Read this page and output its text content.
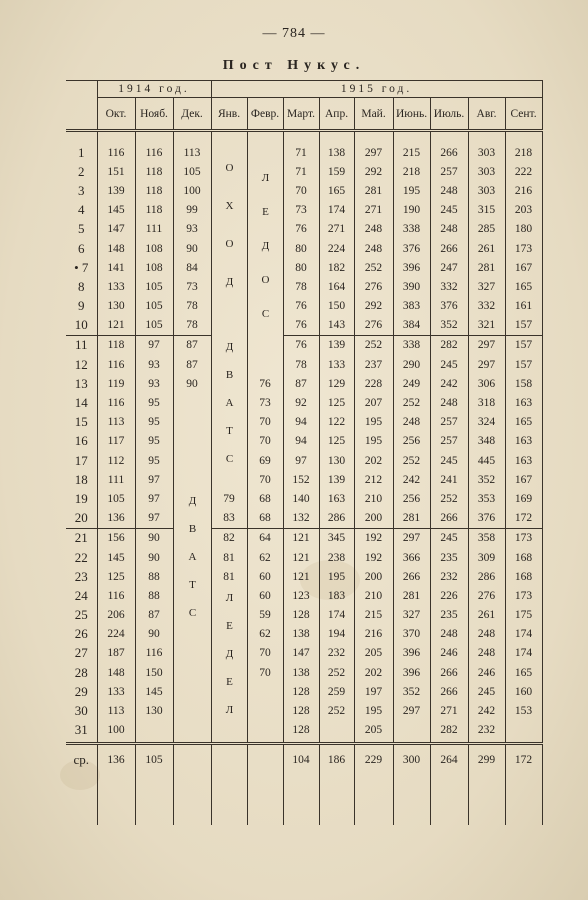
— 784 —
Пост Нукус.
	1914 год.			1915 год.								
	Окт.	Нояб.	Дек.	Янв.	Февр.	Март.	Апр.	Май.	Июнь.	Июль.	Авг.	Сент.

1	116	116	113	ОХОД	ЛЕДОС	71	138	297	215	266	303	218
2	151	118	105			71	159	292	218	257	303	222
3	139	118	100			70	165	281	195	248	303	216
4	145	118	99			73	174	271	190	245	315	203
5	147	111	93			76	271	248	338	248	285	180
6	148	108	90			80	224	248	376	266	261	173
• 7	141	108	84			80	182	252	396	247	281	167
8	133	105	73			78	164	276	390	332	327	165
9	130	105	78			76	150	292	383	376	332	161
10	121	105	78			76	143	276	384	352	321	157
11	118	97	87	ДВАТС		76	139	252	338	282	297	157
12	116	93	87			78	133	237	290	245	297	157
13	119	93	90		76	87	129	228	249	242	306	158
14	116	95	ДВАТС		73	92	125	207	252	248	318	163
15	113	95			70	94	122	195	248	257	324	165
16	117	95			70	94	125	195	256	257	348	163
17	112	95			69	97	130	202	252	245	445	163
18	111	97			70	152	139	212	242	241	352	167
19	105	97		79	68	140	163	210	256	252	353	169
20	136	97		83	68	132	286	200	281	266	376	172
21	156	90		82	64	121	345	192	297	245	358	173
22	145	90		81	62	121	238	192	366	235	309	168
23	125	88		81	60	121	195	200	266	232	286	168
24	116	88		ЛЕДЕЛ	60	123	183	210	281	226	276	173
25	206	87			59	128	174	215	327	235	261	175
26	224	90			62	138	194	216	370	248	248	174
27	187	116			70	147	232	205	396	246	248	174
28	148	150			70	138	252	202	396	266	246	165
29	133	145				128	259	197	352	266	245	160
30	113	130				128	252	195	297	271	242	153
31	100					128		205		282	232	

ср.	136	105				104	186	229	300	264	299	172
